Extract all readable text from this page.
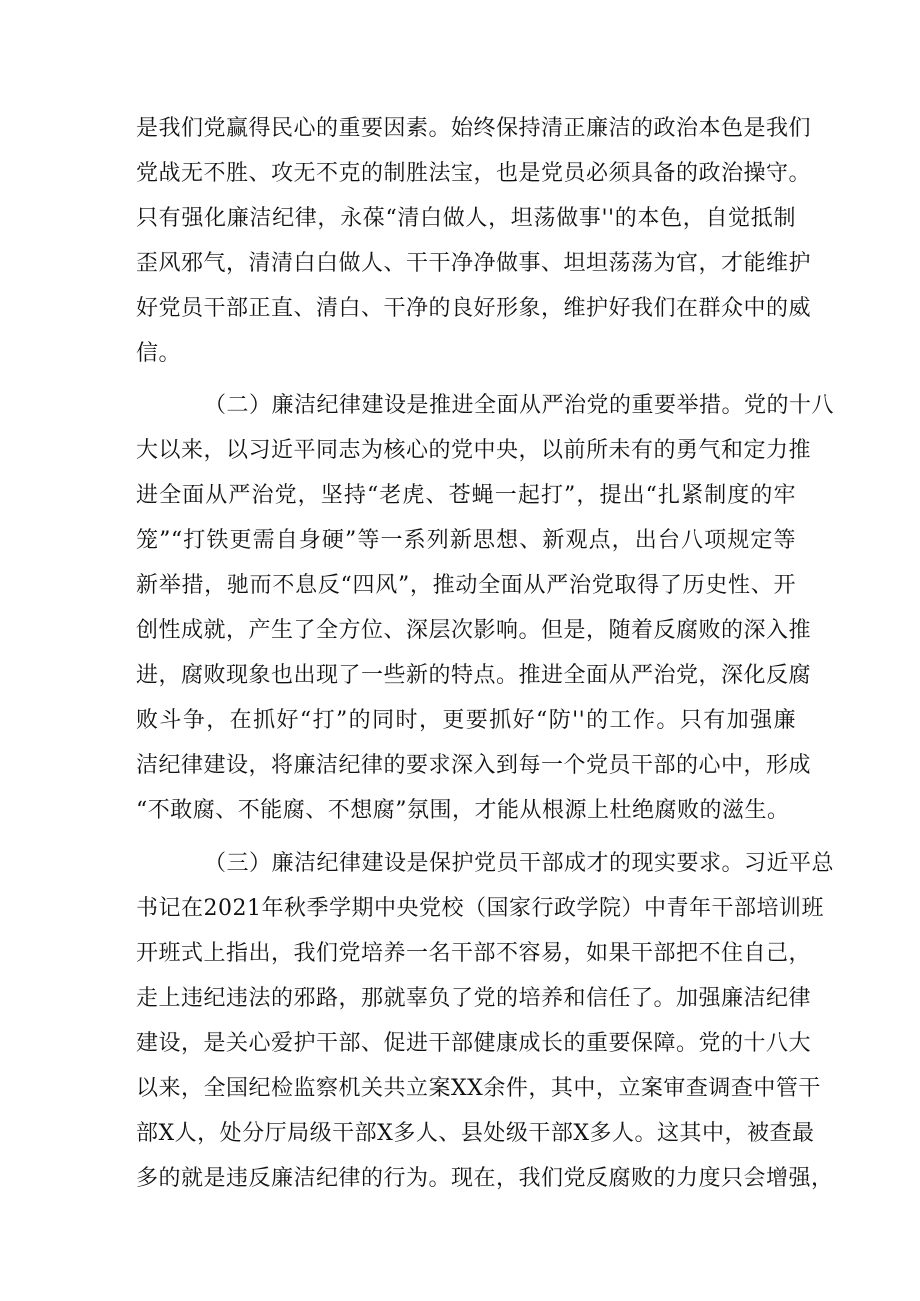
是我们党赢得民心的重要因素。始终保持清正廉洁的政治本色是我们
党战无不胜、攻无不克的制胜法宝，也是党员必须具备的政治操守。
只有强化廉洁纪律，永葆“清白做人，坦荡做事''的本色，自觉抵制
歪风邪气，清清白白做人、干干净净做事、坦坦荡荡为官，才能维护
好党员干部正直、清白、干净的良好形象，维护好我们在群众中的威
信。
（二）廉洁纪律建设是推进全面从严治党的重要举措。党的十八
大以来，以习近平同志为核心的党中央，以前所未有的勇气和定力推
进全面从严治党，坚持“老虎、苍蝇一起打”，提出“扎紧制度的牢
笼”“打铁更需自身硬”等一系列新思想、新观点，出台八项规定等
新举措，驰而不息反“四风”，推动全面从严治党取得了历史性、开
创性成就，产生了全方位、深层次影响。但是，随着反腐败的深入推
进，腐败现象也出现了一些新的特点。推进全面从严治党，深化反腐
败斗争，在抓好“打”的同时，更要抓好“防''的工作。只有加强廉
洁纪律建设，将廉洁纪律的要求深入到每一个党员干部的心中，形成
“不敢腐、不能腐、不想腐”氛围，才能从根源上杜绝腐败的滋生。
（三）廉洁纪律建设是保护党员干部成才的现实要求。习近平总
书记在2021年秋季学期中央党校（国家行政学院）中青年干部培训班
开班式上指出，我们党培养一名干部不容易，如果干部把不住自己，
走上违纪违法的邪路，那就辜负了党的培养和信任了。加强廉洁纪律
建设，是关心爱护干部、促进干部健康成长的重要保障。党的十八大
以来，全国纪检监察机关共立案XX余件，其中，立案审查调查中管干
部X人，处分厅局级干部X多人、县处级干部X多人。这其中，被查最
多的就是违反廉洁纪律的行为。现在，我们党反腐败的力度只会增强，
